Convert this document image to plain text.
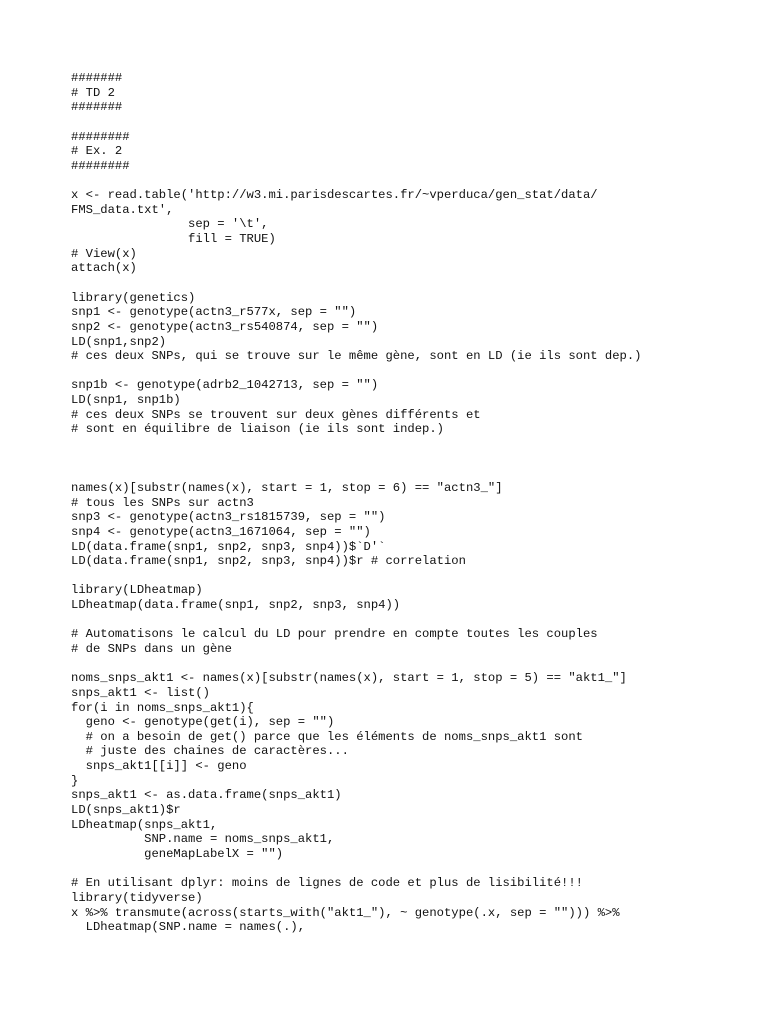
#######
# TD 2
#######
########
# Ex. 2
########
x <- read.table('http://w3.mi.parisdescartes.fr/~vperduca/gen_stat/data/
FMS_data.txt',
sep = '\t',
fill = TRUE)
# View(x)
attach(x)
library(genetics)
snp1 <- genotype(actn3_r577x, sep = "")
snp2 <- genotype(actn3_rs540874, sep = "")
LD(snp1,snp2)
# ces deux SNPs, qui se trouve sur le même gène, sont en LD (ie ils sont dep.)
snp1b <- genotype(adrb2_1042713, sep = "")
LD(snp1, snp1b)
# ces deux SNPs se trouvent sur deux gènes différents et
# sont en équilibre de liaison (ie ils sont indep.)
names(x)[substr(names(x), start = 1, stop = 6) == "actn3_"]
# tous les SNPs sur actn3
snp3 <- genotype(actn3_rs1815739, sep = "")
snp4 <- genotype(actn3_1671064, sep = "")
LD(data.frame(snp1, snp2, snp3, snp4))$`D'`
LD(data.frame(snp1, snp2, snp3, snp4))$r # correlation
library(LDheatmap)
LDheatmap(data.frame(snp1, snp2, snp3, snp4))
# Automatisons le calcul du LD pour prendre en compte toutes les couples
# de SNPs dans un gène
noms_snps_akt1 <- names(x)[substr(names(x), start = 1, stop = 5) == "akt1_"]
snps_akt1 <- list()
for(i in noms_snps_akt1){
geno <- genotype(get(i), sep = "")
# on a besoin de get() parce que les éléments de noms_snps_akt1 sont
# juste des chaines de caractères...
snps_akt1[[i]] <- geno
}
snps_akt1 <- as.data.frame(snps_akt1)
LD(snps_akt1)$r
LDheatmap(snps_akt1,
SNP.name = noms_snps_akt1,
geneMapLabelX = "")
# En utilisant dplyr: moins de lignes de code et plus de lisibilité!!!
library(tidyverse)
x %>% transmute(across(starts_with("akt1_"), ~ genotype(.x, sep = ""))) %>%
LDheatmap(SNP.name = names(.),
